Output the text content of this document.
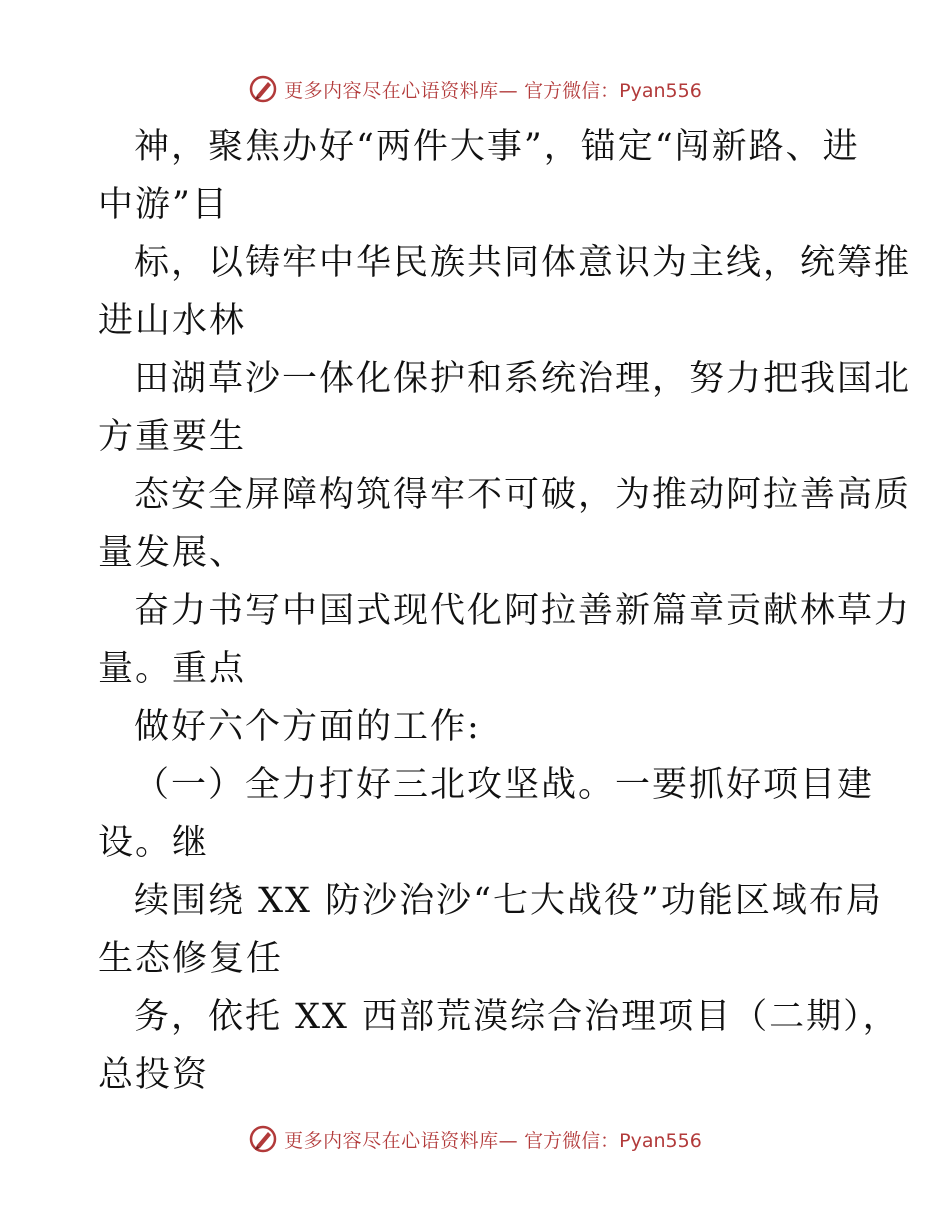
更多内容尽在心语资料库— 官方微信：Pyan556
神，聚焦办好“两件大事”，锚定“闯新路、进
中游”目
标，以铸牢中华民族共同体意识为主线，统筹推
进山水林
田湖草沙一体化保护和系统治理，努力把我国北
方重要生
态安全屏障构筑得牢不可破，为推动阿拉善高质
量发展、
奋力书写中国式现代化阿拉善新篇章贡献林草力
量。重点
做好六个方面的工作:
（一）全力打好三北攻坚战。一要抓好项目建
设。继
续围绕 XX 防沙治沙“七大战役”功能区域布局
生态修复任
务，依托 XX 西部荒漠综合治理项目（二期），
总投资
更多内容尽在心语资料库— 官方微信：Pyan556
